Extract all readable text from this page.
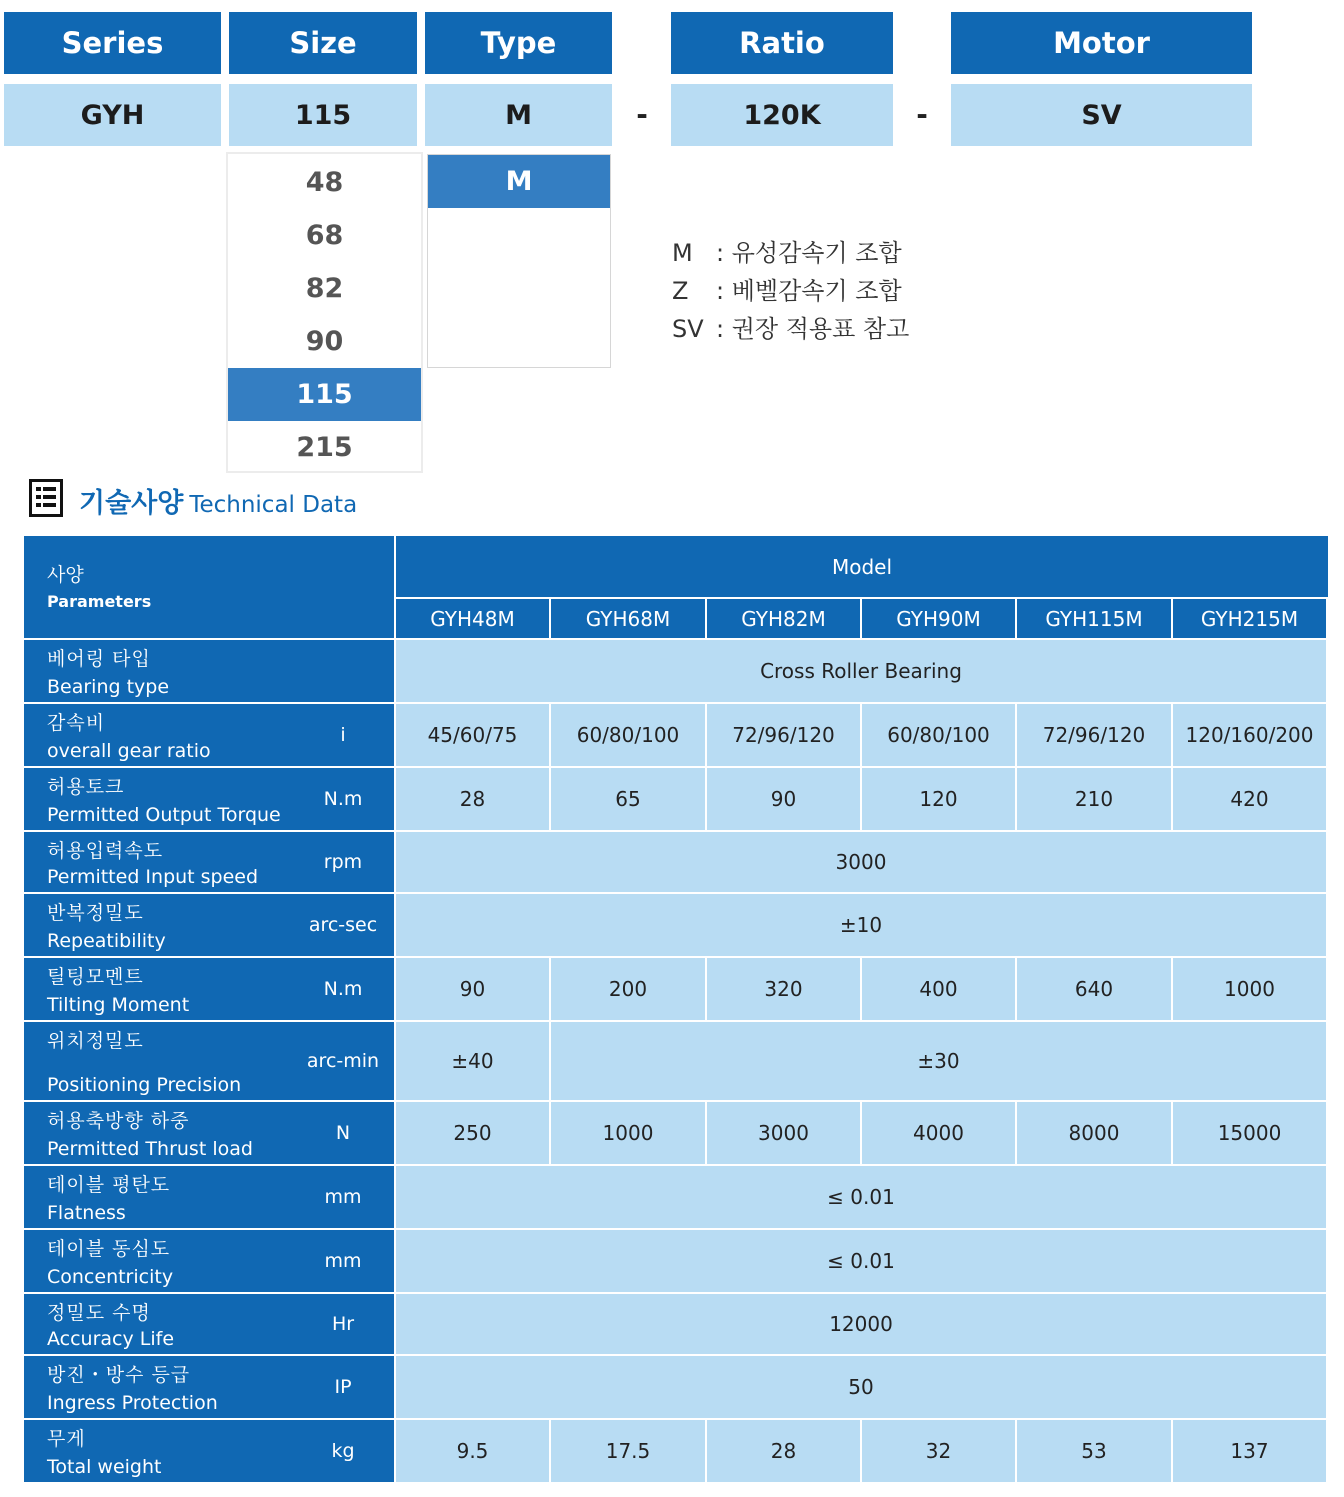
Series	Size	Type	Ratio	Motor
GYH	115	M	-	120K	-	SV
48
68
82
90
115
215
M
M : 유성감속기 조합
Z : 베벨감속기 조합
SV : 권장 적용표 참고
기술사양 Technical Data
사양
Parameters
Model
GYH48M	GYH68M	GYH82M	GYH90M	GYH115M	GYH215M
베어링 타입
Bearing type
Cross Roller Bearing
감속비
overall gear ratio
i	45/60/75	60/80/100	72/96/120	60/80/100	72/96/120	120/160/200
허용토크
Permitted Output Torque
N.m	28	65	90	120	210	420
허용입력속도
Permitted Input speed
rpm	3000
반복정밀도
Repeatibility
arc-sec	±10
틸팅모멘트
Tilting Moment
N.m	90	200	320	400	640	1000
위치정밀도
Positioning Precision
arc-min	±40	±30
허용축방향 하중
Permitted Thrust load
N	250	1000	3000	4000	8000	15000
테이블 평탄도
Flatness
mm	≤ 0.01
테이블 동심도
Concentricity
mm	≤ 0.01
정밀도 수명
Accuracy Life
Hr	12000
방진・방수 등급
Ingress Protection
IP	50
무게
Total weight
kg	9.5	17.5	28	32	53	137
